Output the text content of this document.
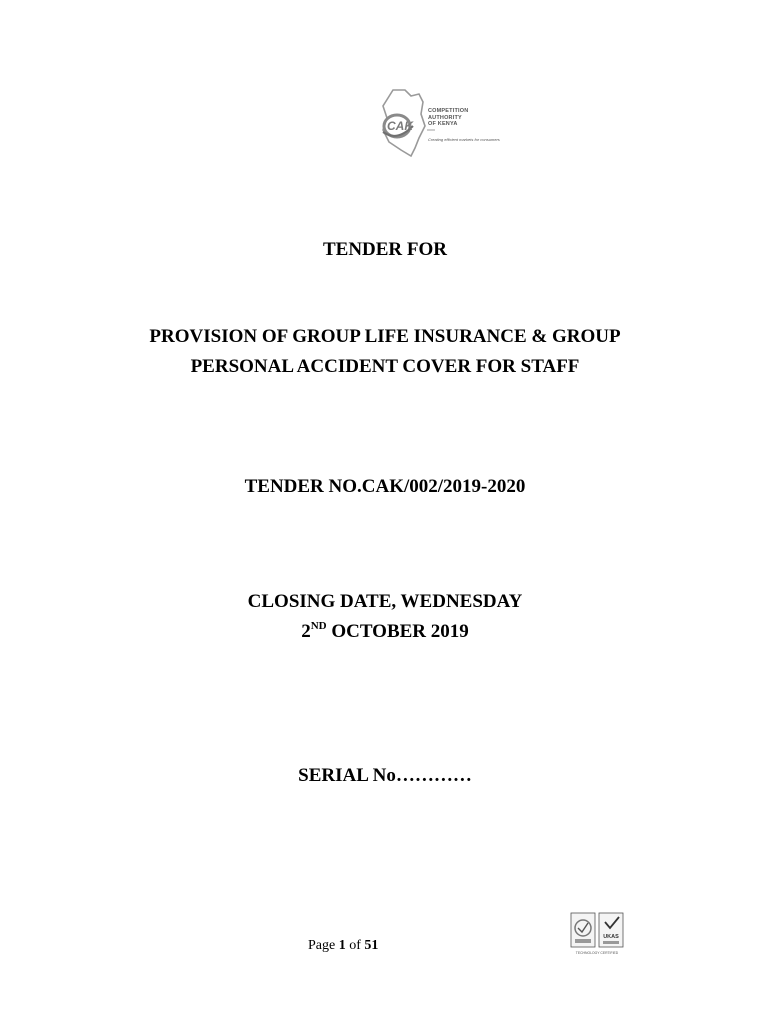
CAK
COMPETITION
AUTHORITY
OF KENYA
Creating efficient markets for consumers
TENDER FOR
PROVISION OF GROUP LIFE INSURANCE & GROUP
PERSONAL ACCIDENT COVER FOR STAFF
TENDER NO.CAK/002/2019-2020
CLOSING DATE, WEDNESDAY
2ND OCTOBER 2019
SERIAL No…………
Page 1 of 51
UKAS
TECHNOLOGY CERTIFIED
